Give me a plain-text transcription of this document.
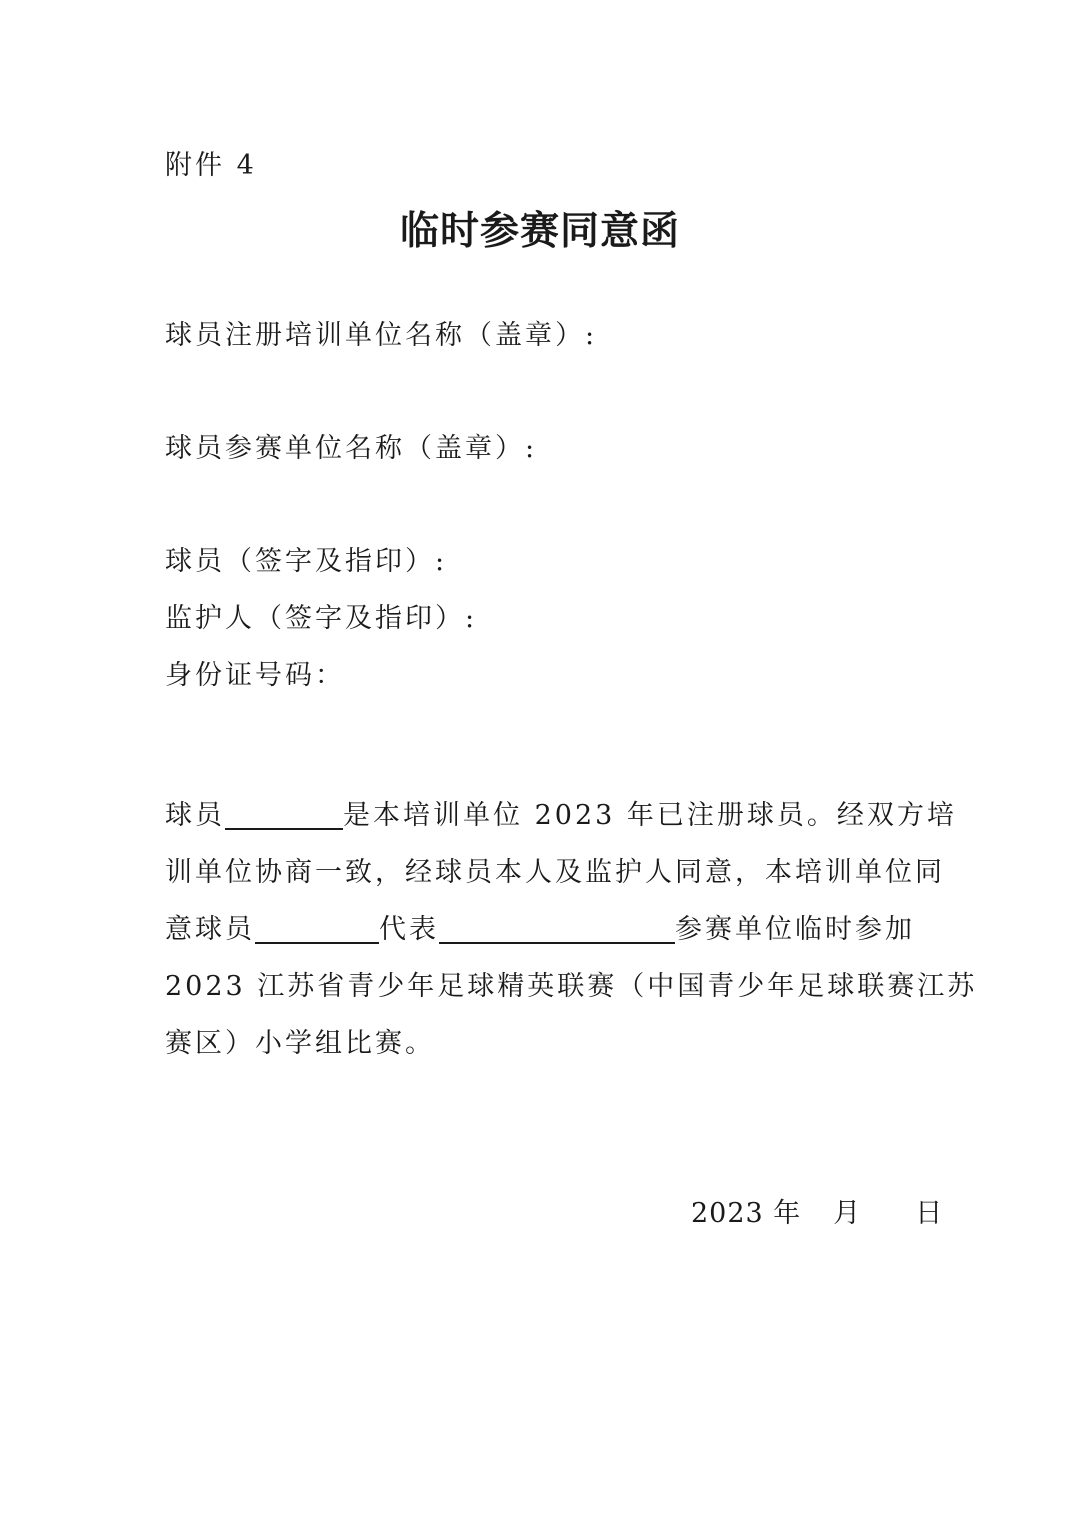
附件 4
临时参赛同意函
球员注册培训单位名称（盖章）:
球员参赛单位名称（盖章）:
球员（签字及指印）:
监护人（签字及指印）:
身份证号码：
球员	是本培训单位 2023 年已注册球员。经双方培
训单位协商一致，经球员本人及监护人同意，本培训单位同
意球员	代表	参赛单位临时参加
2023 江苏省青少年足球精英联赛（中国青少年足球联赛江苏
赛区）小学组比赛。
2023 年 月 日
